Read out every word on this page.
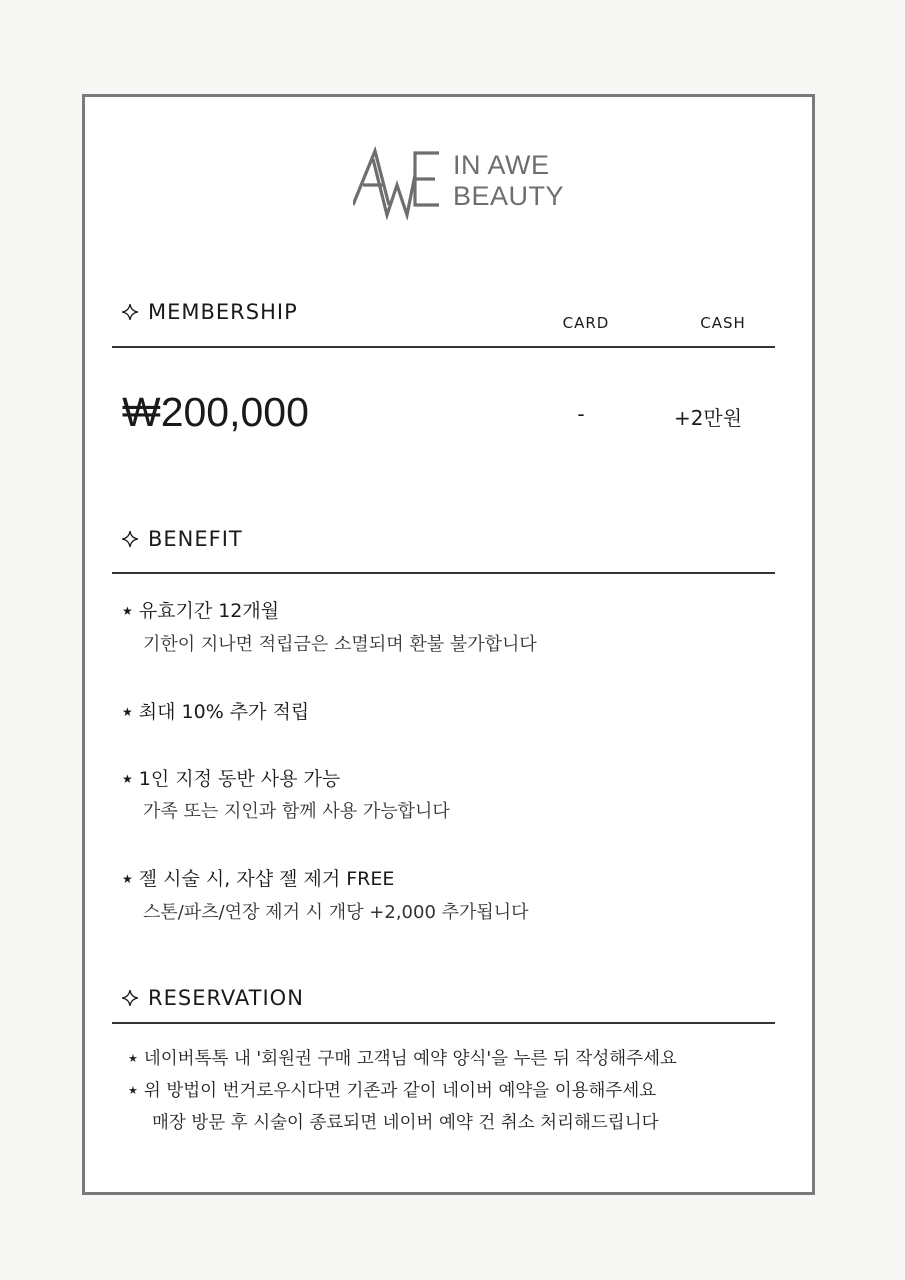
IN AWE
BEAUTY
MEMBERSHIP	CARD	CASH
₩200,000	-	+2만원
BENEFIT
★ 유효기간 12개월
기한이 지나면 적립금은 소멸되며 환불 불가합니다
★ 최대 10% 추가 적립
★ 1인 지정 동반 사용 가능
가족 또는 지인과 함께 사용 가능합니다
★ 젤 시술 시, 자샵 젤 제거 FREE
스톤/파츠/연장 제거 시 개당 +2,000 추가됩니다
RESERVATION
★ 네이버톡톡 내 '회원권 구매 고객님 예약 양식'을 누른 뒤 작성해주세요
★ 위 방법이 번거로우시다면 기존과 같이 네이버 예약을 이용해주세요
매장 방문 후 시술이 종료되면 네이버 예약 건 취소 처리해드립니다
